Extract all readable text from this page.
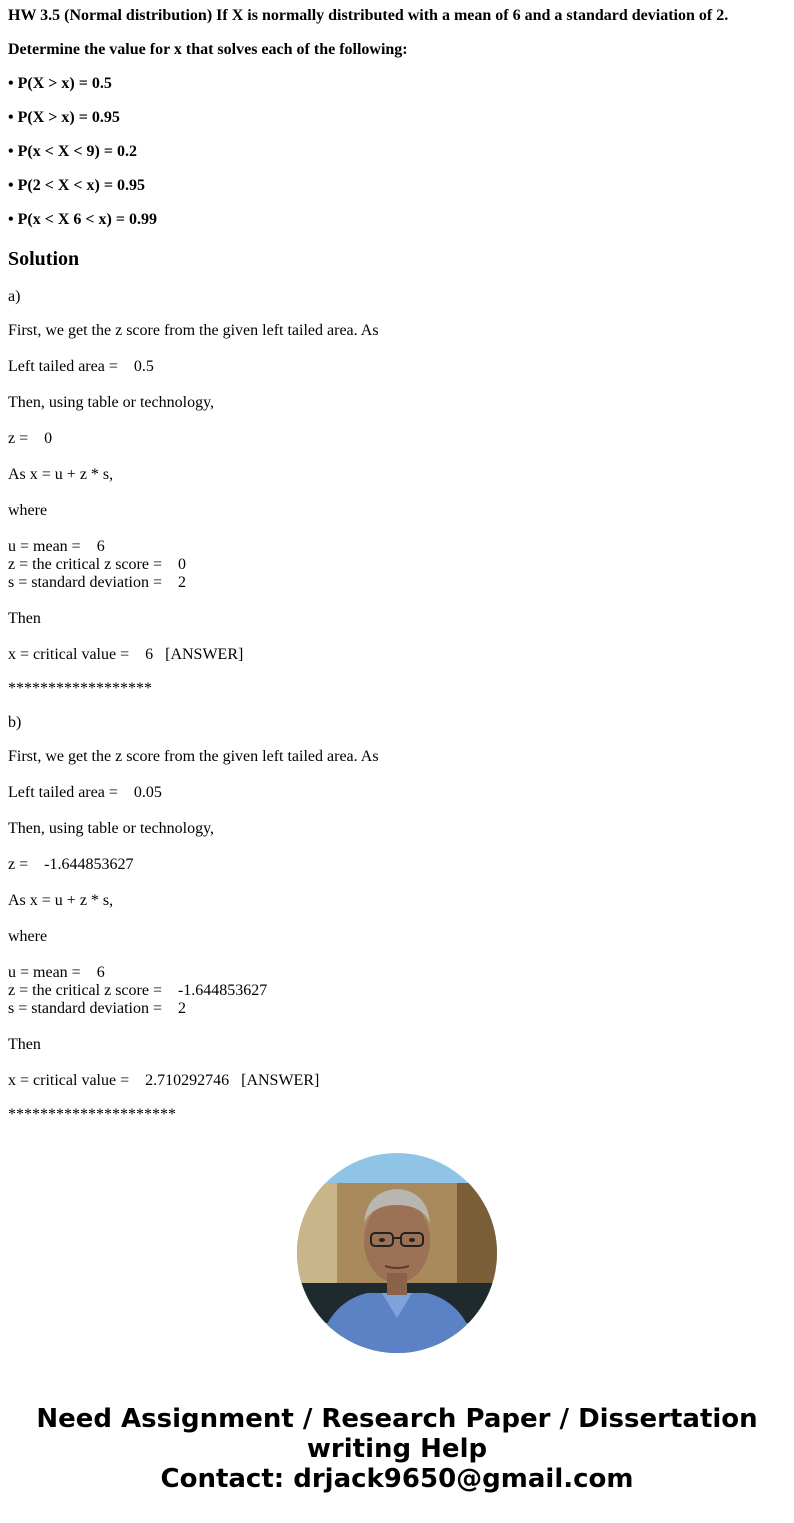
HW 3.5 (Normal distribution) If X is normally distributed with a mean of 6 and a standard deviation of 2.

Determine the value for x that solves each of the following:

• P(X > x) = 0.5

• P(X > x) = 0.95

• P(x < X < 9) = 0.2

• P(2 < X < x) = 0.95

• P(x < X 6 < x) = 0.99

Solution

a)

First, we get the z score from the given left tailed area. As

Left tailed area =    0.5

Then, using table or technology,

z =    0

As x = u + z * s,

where

u = mean =    6

z = the critical z score =    0

s = standard deviation =    2

Then

x = critical value =    6   [ANSWER]

******************

b)

First, we get the z score from the given left tailed area. As

Left tailed area =    0.05

Then, using table or technology,

z =    -1.644853627

As x = u + z * s,

where

u = mean =    6

z = the critical z score =    -1.644853627

s = standard deviation =    2

Then

x = critical value =    2.710292746   [ANSWER]

*********************

Need Assignment / Research Paper / Dissertation
writing Help
Contact: drjack9650@gmail.com
